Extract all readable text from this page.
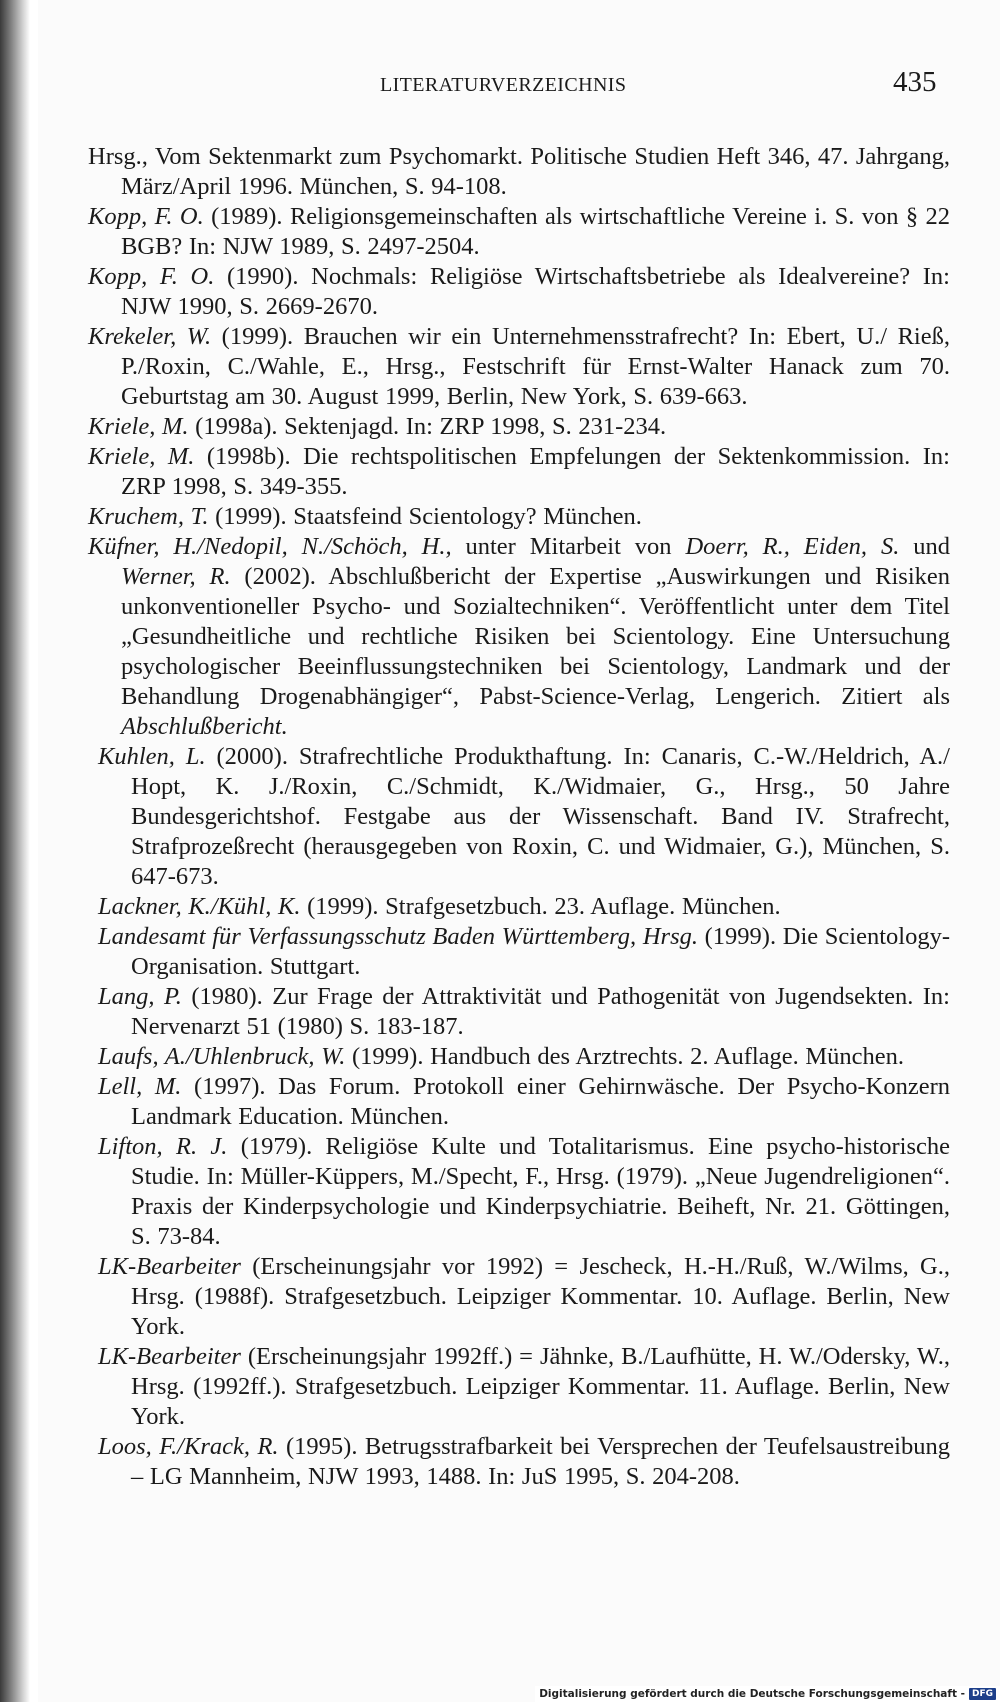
LITERATURVERZEICHNIS	435
Hrsg., Vom Sektenmarkt zum Psychomarkt. Politische Studien Heft 346, 47. Jahrgang, März/April 1996. München, S. 94-108.
Kopp, F. O. (1989). Religionsgemeinschaften als wirtschaftliche Vereine i. S. von § 22 BGB? In: NJW 1989, S. 2497-2504.
Kopp, F. O. (1990). Nochmals: Religiöse Wirtschaftsbetriebe als Idealvereine? In: NJW 1990, S. 2669-2670.
Krekeler, W. (1999). Brauchen wir ein Unternehmensstrafrecht? In: Ebert, U./ Rieß, P./Roxin, C./Wahle, E., Hrsg., Festschrift für Ernst-Walter Hanack zum 70. Geburtstag am 30. August 1999, Berlin, New York, S. 639-663.
Kriele, M. (1998a). Sektenjagd. In: ZRP 1998, S. 231-234.
Kriele, M. (1998b). Die rechtspolitischen Empfelungen der Sektenkommission. In: ZRP 1998, S. 349-355.
Kruchem, T. (1999). Staatsfeind Scientology? München.
Küfner, H./Nedopil, N./Schöch, H., unter Mitarbeit von Doerr, R., Eiden, S. und Werner, R. (2002). Abschlußbericht der Expertise „Auswirkungen und Risiken unkonventioneller Psycho- und Sozialtechniken“. Veröffentlicht unter dem Titel „Gesundheitliche und rechtliche Risiken bei Scientology. Eine Untersuchung psychologischer Beeinflussungstechniken bei Scientology, Landmark und der Behandlung Drogenabhängiger“, Pabst-Science-Verlag, Lengerich. Zitiert als Abschlußbericht.
Kuhlen, L. (2000). Strafrechtliche Produkthaftung. In: Canaris, C.-W./Heldrich, A./ Hopt, K. J./Roxin, C./Schmidt, K./Widmaier, G., Hrsg., 50 Jahre Bundesgerichtshof. Festgabe aus der Wissenschaft. Band IV. Strafrecht, Strafprozeßrecht (herausgegeben von Roxin, C. und Widmaier, G.), München, S. 647-673.
Lackner, K./Kühl, K. (1999). Strafgesetzbuch. 23. Auflage. München.
Landesamt für Verfassungsschutz Baden Württemberg, Hrsg. (1999). Die Scientology-Organisation. Stuttgart.
Lang, P. (1980). Zur Frage der Attraktivität und Pathogenität von Jugendsekten. In: Nervenarzt 51 (1980) S. 183-187.
Laufs, A./Uhlenbruck, W. (1999). Handbuch des Arztrechts. 2. Auflage. München.
Lell, M. (1997). Das Forum. Protokoll einer Gehirnwäsche. Der Psycho-Konzern Landmark Education. München.
Lifton, R. J. (1979). Religiöse Kulte und Totalitarismus. Eine psycho-historische Studie. In: Müller-Küppers, M./Specht, F., Hrsg. (1979). „Neue Jugendreligionen“. Praxis der Kinderpsychologie und Kinderpsychiatrie. Beiheft, Nr. 21. Göttingen, S. 73-84.
LK-Bearbeiter (Erscheinungsjahr vor 1992) = Jescheck, H.-H./Ruß, W./Wilms, G., Hrsg. (1988f). Strafgesetzbuch. Leipziger Kommentar. 10. Auflage. Berlin, New York.
LK-Bearbeiter (Erscheinungsjahr 1992ff.) = Jähnke, B./Laufhütte, H. W./Odersky, W., Hrsg. (1992ff.). Strafgesetzbuch. Leipziger Kommentar. 11. Auflage. Berlin, New York.
Loos, F./Krack, R. (1995). Betrugsstrafbarkeit bei Versprechen der Teufelsaustreibung – LG Mannheim, NJW 1993, 1488. In: JuS 1995, S. 204-208.
Digitalisierung gefördert durch die Deutsche Forschungsgemeinschaft - DFG
